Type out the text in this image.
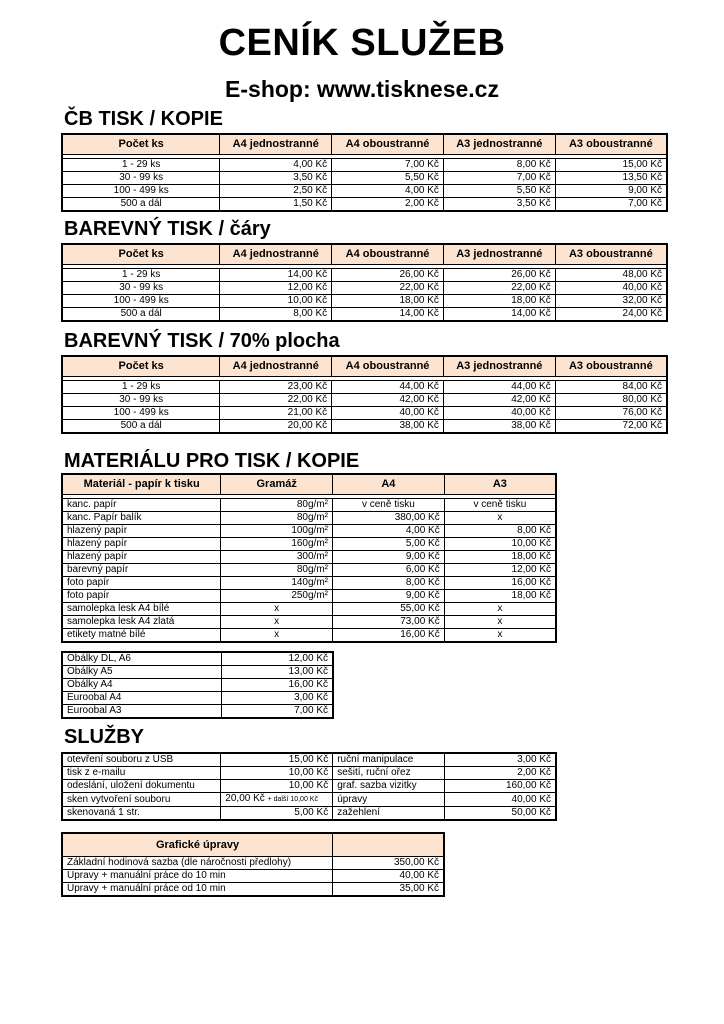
CENÍK SLUŽEB
E-shop: www.tisknese.cz
ČB TISK / KOPIE
Počet ks	A4 jednostranné	A4 oboustranné	A3 jednostranné	A3 oboustranné

1 - 29 ks	4,00 Kč	7,00 Kč	8,00 Kč	15,00 Kč
30 - 99 ks	3,50 Kč	5,50 Kč	7,00 Kč	13,50 Kč
100 - 499 ks	2,50 Kč	4,00 Kč	5,50 Kč	9,00 Kč
500 a dál	1,50 Kč	2,00 Kč	3,50 Kč	7,00 Kč
BAREVNÝ TISK / čáry
Počet ks	A4 jednostranné	A4 oboustranné	A3 jednostranné	A3 oboustranné

1 - 29 ks	14,00 Kč	26,00 Kč	26,00 Kč	48,00 Kč
30 - 99 ks	12,00 Kč	22,00 Kč	22,00 Kč	40,00 Kč
100 - 499 ks	10,00 Kč	18,00 Kč	18,00 Kč	32,00 Kč
500 a dál	8,00 Kč	14,00 Kč	14,00 Kč	24,00 Kč
BAREVNÝ TISK / 70% plocha
Počet ks	A4 jednostranné	A4 oboustranné	A3 jednostranné	A3 oboustranné

1 - 29 ks	23,00 Kč	44,00 Kč	44,00 Kč	84,00 Kč
30 - 99 ks	22,00 Kč	42,00 Kč	42,00 Kč	80,00 Kč
100 - 499 ks	21,00 Kč	40,00 Kč	40,00 Kč	76,00 Kč
500 a dál	20,00 Kč	38,00 Kč	38,00 Kč	72,00 Kč
MATERIÁLU PRO TISK / KOPIE
Materiál - papír k tisku	Gramáž	A4	A3

kanc. papír	80g/m²	v ceně tisku	v ceně tisku
kanc. Papír balík	80g/m²	380,00 Kč	x
hlazený papír	100g/m²	4,00 Kč	8,00 Kč
hlazený papír	160g/m²	5,00 Kč	10,00 Kč
hlazený papír	300/m²	9,00 Kč	18,00 Kč
barevný papír	80g/m²	6,00 Kč	12,00 Kč
foto papír	140g/m²	8,00 Kč	16,00 Kč
foto papír	250g/m²	9,00 Kč	18,00 Kč
samolepka lesk A4 bílé	x	55,00 Kč	x
samolepka lesk A4 zlatá	x	73,00 Kč	x
etikety matné bílé	x	16,00 Kč	x
Obálky DL, A6	12,00 Kč
Obálky A5	13,00 Kč
Obálky A4	16,00 Kč
Euroobal A4	3,00 Kč
Euroobal A3	7,00 Kč
SLUŽBY
otevření souboru z USB	15,00 Kč	ruční manipulace	3,00 Kč
tisk z e-mailu	10,00 Kč	sešití, ruční ořez	2,00 Kč
odeslání, uložení dokumentu	10,00 Kč	graf. sazba vizitky	160,00 Kč
sken vytvoření souboru	20,00 Kč + další 10,00 Kč	úpravy	40,00 Kč
skenovaná 1 str.	5,00 Kč	zažehlení	50,00 Kč
Grafické úpravy	
Základní hodinová sazba (dle náročnosti předlohy)	350,00 Kč
Úpravy + manuální práce do 10 min	40,00 Kč
Úpravy + manuální práce od 10 min	35,00 Kč
